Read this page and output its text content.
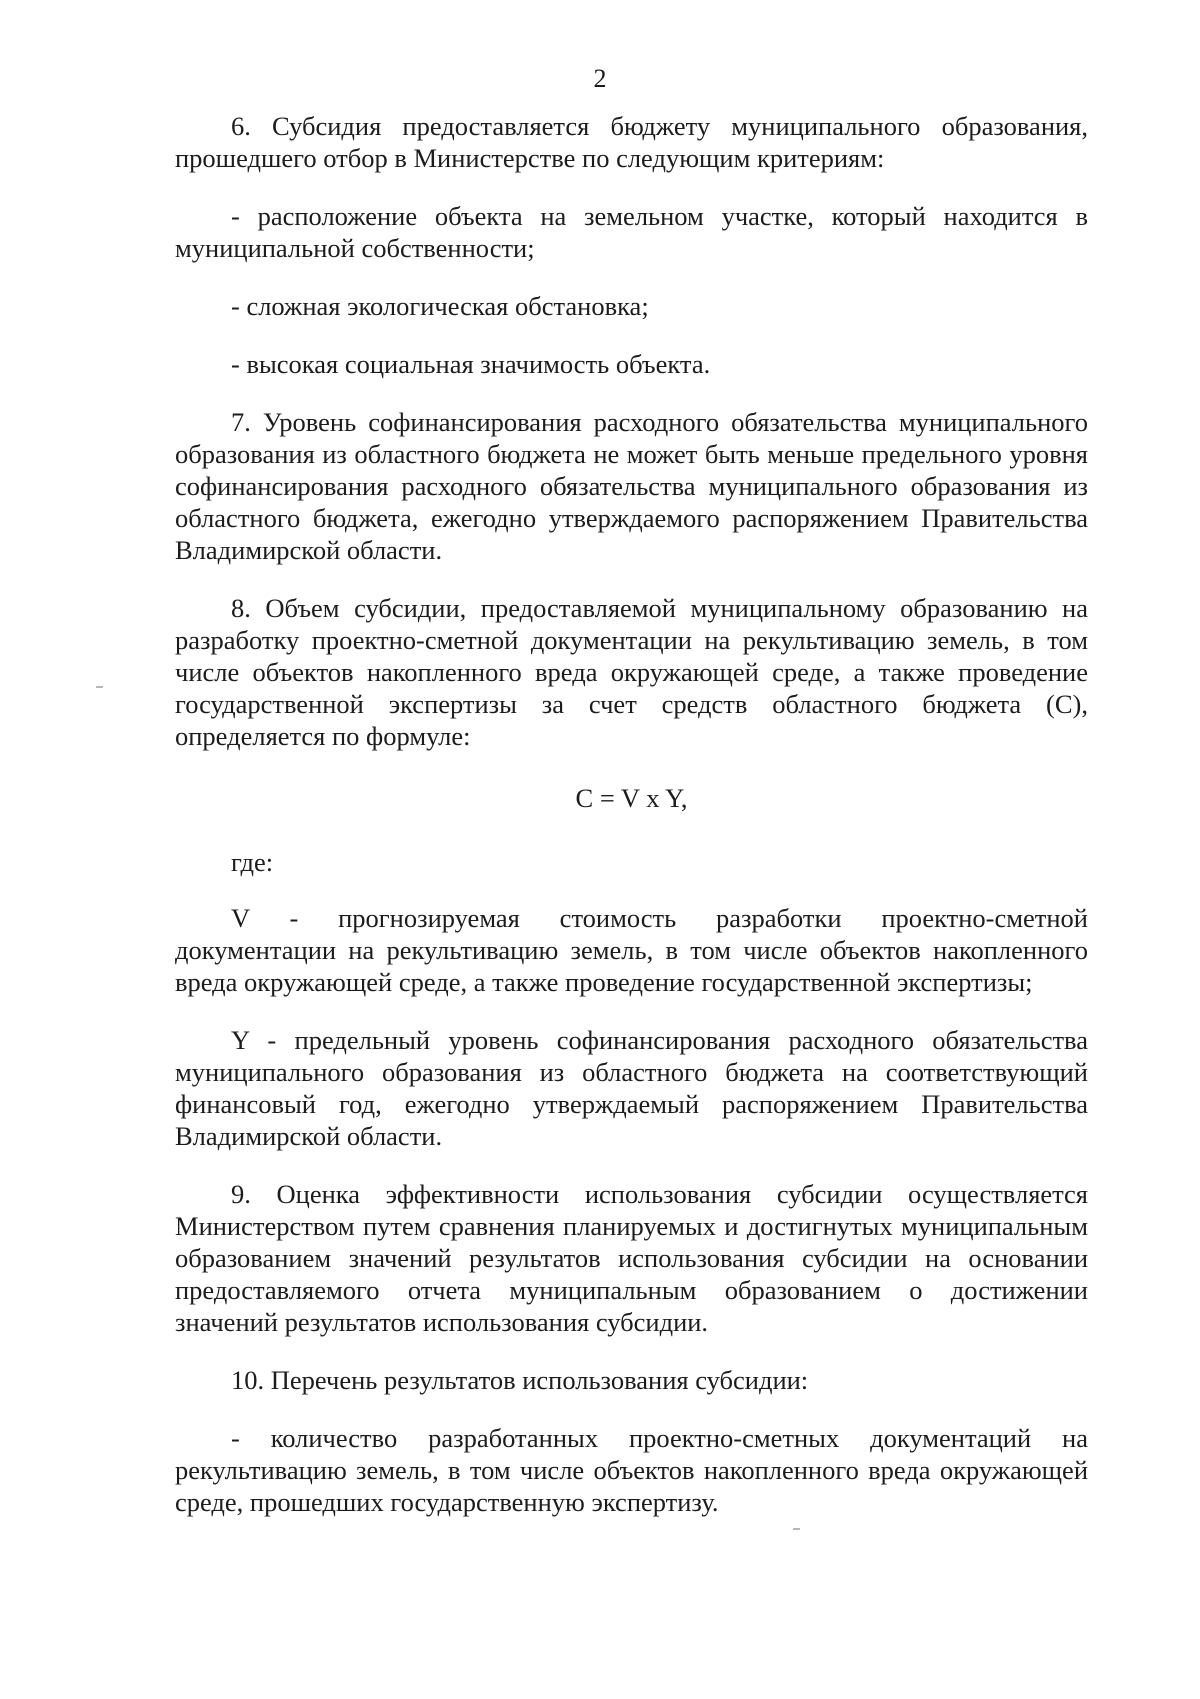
2

6. Субсидия предоставляется бюджету муниципального образования, прошедшего отбор в Министерстве по следующим критериям:

- расположение объекта на земельном участке, который находится в муниципальной собственности;

- сложная экологическая обстановка;

- высокая социальная значимость объекта.

7. Уровень софинансирования расходного обязательства муниципального образования из областного бюджета не может быть меньше предельного уровня софинансирования расходного обязательства муниципального образования из областного бюджета, ежегодно утверждаемого распоряжением Правительства Владимирской области.

8. Объем субсидии, предоставляемой муниципальному образованию на разработку проектно-сметной документации на рекультивацию земель, в том числе объектов накопленного вреда окружающей среде, а также проведение государственной экспертизы за счет средств областного бюджета (C), определяется по формуле:

C = V x Y,

где:

V - прогнозируемая стоимость разработки проектно-сметной документации на рекультивацию земель, в том числе объектов накопленного вреда окружающей среде, а также проведение государственной экспертизы;

Y - предельный уровень софинансирования расходного обязательства муниципального образования из областного бюджета на соответствующий финансовый год, ежегодно утверждаемый распоряжением Правительства Владимирской области.

9. Оценка эффективности использования субсидии осуществляется Министерством путем сравнения планируемых и достигнутых муниципальным образованием значений результатов использования субсидии на основании предоставляемого отчета муниципальным образованием о достижении значений результатов использования субсидии.

10. Перечень результатов использования субсидии:

- количество разработанных проектно-сметных документаций на рекультивацию земель, в том числе объектов накопленного вреда окружающей среде, прошедших государственную экспертизу.
